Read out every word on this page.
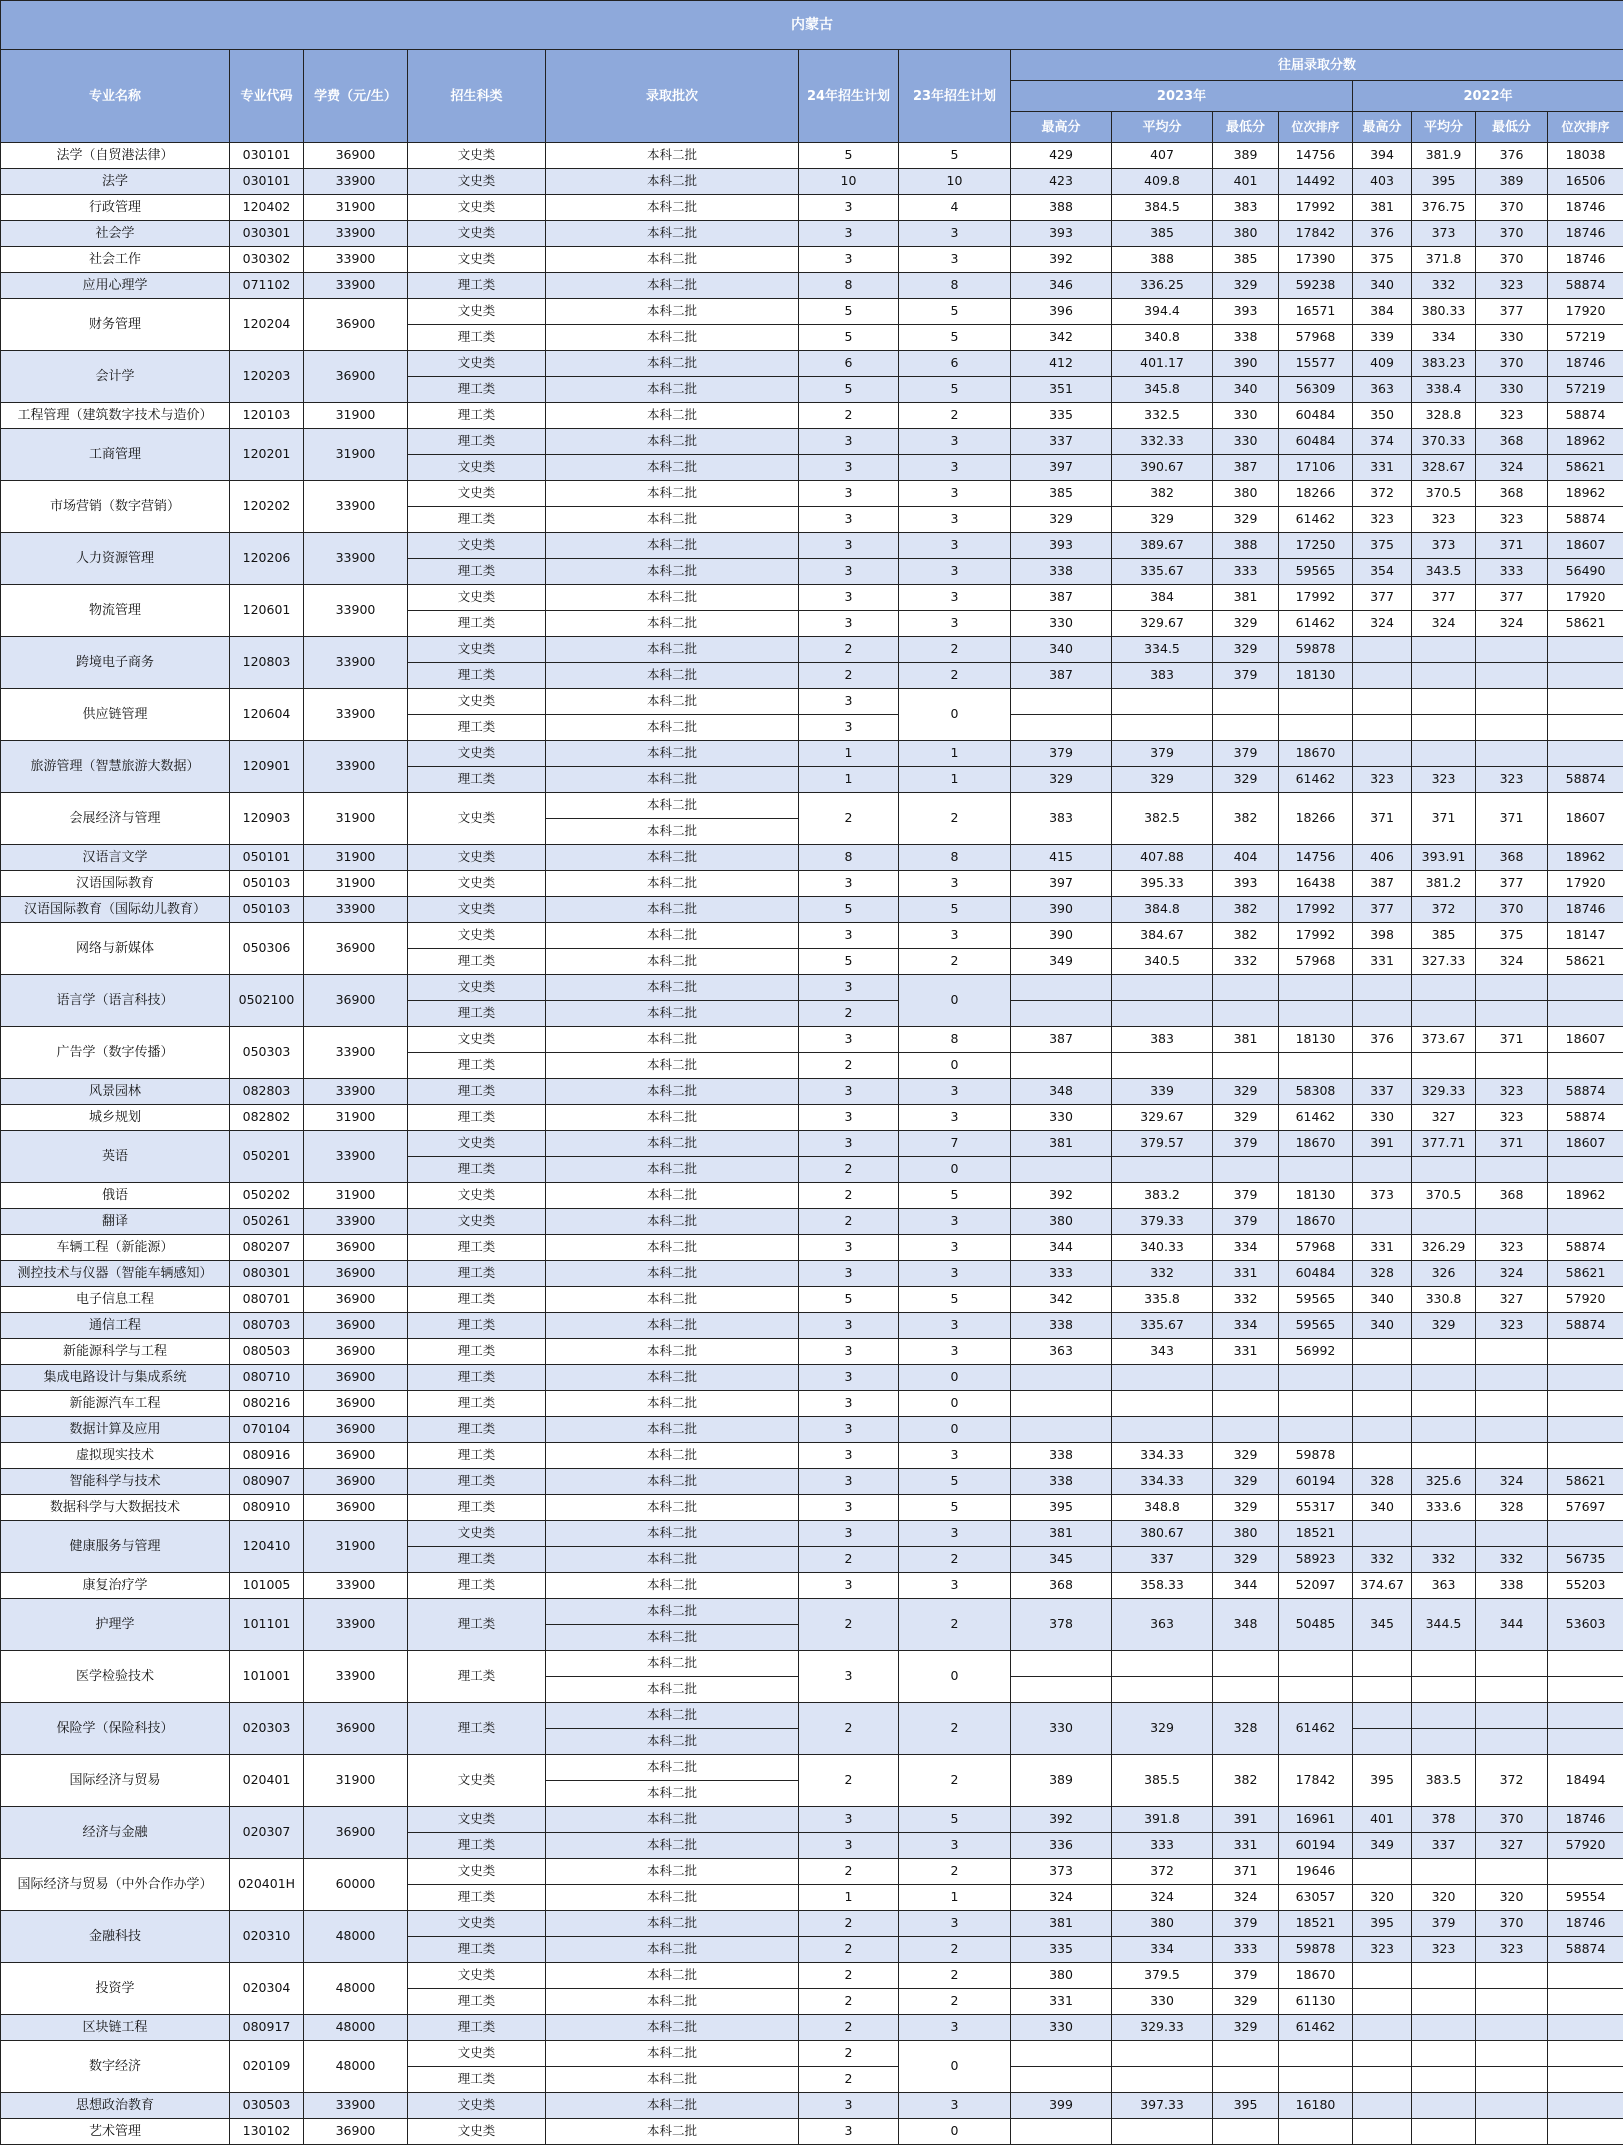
内蒙古														
专业名称	专业代码	学费（元/生）	招生科类	录取批次	24年招生计划	23年招生计划	往届录取分数							
							2023年				2022年			
							最高分	平均分	最低分	位次排序	最高分	平均分	最低分	位次排序
法学（自贸港法律）	030101	36900	文史类	本科二批	5	5	429	407	389	14756	394	381.9	376	18038
法学	030101	33900	文史类	本科二批	10	10	423	409.8	401	14492	403	395	389	16506
行政管理	120402	31900	文史类	本科二批	3	4	388	384.5	383	17992	381	376.75	370	18746
社会学	030301	33900	文史类	本科二批	3	3	393	385	380	17842	376	373	370	18746
社会工作	030302	33900	文史类	本科二批	3	3	392	388	385	17390	375	371.8	370	18746
应用心理学	071102	33900	理工类	本科二批	8	8	346	336.25	329	59238	340	332	323	58874
财务管理	120204	36900	文史类	本科二批	5	5	396	394.4	393	16571	384	380.33	377	17920
			理工类	本科二批	5	5	342	340.8	338	57968	339	334	330	57219
会计学	120203	36900	文史类	本科二批	6	6	412	401.17	390	15577	409	383.23	370	18746
			理工类	本科二批	5	5	351	345.8	340	56309	363	338.4	330	57219
工程管理（建筑数字技术与造价）	120103	31900	理工类	本科二批	2	2	335	332.5	330	60484	350	328.8	323	58874
工商管理	120201	31900	理工类	本科二批	3	3	337	332.33	330	60484	374	370.33	368	18962
			文史类	本科二批	3	3	397	390.67	387	17106	331	328.67	324	58621
市场营销（数字营销）	120202	33900	文史类	本科二批	3	3	385	382	380	18266	372	370.5	368	18962
			理工类	本科二批	3	3	329	329	329	61462	323	323	323	58874
人力资源管理	120206	33900	文史类	本科二批	3	3	393	389.67	388	17250	375	373	371	18607
			理工类	本科二批	3	3	338	335.67	333	59565	354	343.5	333	56490
物流管理	120601	33900	文史类	本科二批	3	3	387	384	381	17992	377	377	377	17920
			理工类	本科二批	3	3	330	329.67	329	61462	324	324	324	58621
跨境电子商务	120803	33900	文史类	本科二批	2	2	340	334.5	329	59878				
			理工类	本科二批	2	2	387	383	379	18130				
供应链管理	120604	33900	文史类	本科二批	3	0								
			理工类	本科二批	3									
旅游管理（智慧旅游大数据）	120901	33900	文史类	本科二批	1	1	379	379	379	18670				
			理工类	本科二批	1	1	329	329	329	61462	323	323	323	58874
会展经济与管理	120903	31900	文史类	本科二批	2	2	383	382.5	382	18266	371	371	371	18607
				本科二批										
汉语言文学	050101	31900	文史类	本科二批	8	8	415	407.88	404	14756	406	393.91	368	18962
汉语国际教育	050103	31900	文史类	本科二批	3	3	397	395.33	393	16438	387	381.2	377	17920
汉语国际教育（国际幼儿教育）	050103	33900	文史类	本科二批	5	5	390	384.8	382	17992	377	372	370	18746
网络与新媒体	050306	36900	文史类	本科二批	3	3	390	384.67	382	17992	398	385	375	18147
			理工类	本科二批	5	2	349	340.5	332	57968	331	327.33	324	58621
语言学（语言科技）	0502100	36900	文史类	本科二批	3	0								
			理工类	本科二批	2									
广告学（数字传播）	050303	33900	文史类	本科二批	3	8	387	383	381	18130	376	373.67	371	18607
			理工类	本科二批	2	0								
风景园林	082803	33900	理工类	本科二批	3	3	348	339	329	58308	337	329.33	323	58874
城乡规划	082802	31900	理工类	本科二批	3	3	330	329.67	329	61462	330	327	323	58874
英语	050201	33900	文史类	本科二批	3	7	381	379.57	379	18670	391	377.71	371	18607
			理工类	本科二批	2	0								
俄语	050202	31900	文史类	本科二批	2	5	392	383.2	379	18130	373	370.5	368	18962
翻译	050261	33900	文史类	本科二批	2	3	380	379.33	379	18670				
车辆工程（新能源）	080207	36900	理工类	本科二批	3	3	344	340.33	334	57968	331	326.29	323	58874
测控技术与仪器（智能车辆感知）	080301	36900	理工类	本科二批	3	3	333	332	331	60484	328	326	324	58621
电子信息工程	080701	36900	理工类	本科二批	5	5	342	335.8	332	59565	340	330.8	327	57920
通信工程	080703	36900	理工类	本科二批	3	3	338	335.67	334	59565	340	329	323	58874
新能源科学与工程	080503	36900	理工类	本科二批	3	3	363	343	331	56992				
集成电路设计与集成系统	080710	36900	理工类	本科二批	3	0								
新能源汽车工程	080216	36900	理工类	本科二批	3	0								
数据计算及应用	070104	36900	理工类	本科二批	3	0								
虚拟现实技术	080916	36900	理工类	本科二批	3	3	338	334.33	329	59878				
智能科学与技术	080907	36900	理工类	本科二批	3	5	338	334.33	329	60194	328	325.6	324	58621
数据科学与大数据技术	080910	36900	理工类	本科二批	3	5	395	348.8	329	55317	340	333.6	328	57697
健康服务与管理	120410	31900	文史类	本科二批	3	3	381	380.67	380	18521				
			理工类	本科二批	2	2	345	337	329	58923	332	332	332	56735
康复治疗学	101005	33900	理工类	本科二批	3	3	368	358.33	344	52097	374.67	363	338	55203
护理学	101101	33900	理工类	本科二批	2	2	378	363	348	50485	345	344.5	344	53603
				本科二批										
医学检验技术	101001	33900	理工类	本科二批	3	0								
				本科二批										
保险学（保险科技）	020303	36900	理工类	本科二批	2	2	330	329	328	61462				
				本科二批										
国际经济与贸易	020401	31900	文史类	本科二批	2	2	389	385.5	382	17842	395	383.5	372	18494
				本科二批										
经济与金融	020307	36900	文史类	本科二批	3	5	392	391.8	391	16961	401	378	370	18746
			理工类	本科二批	3	3	336	333	331	60194	349	337	327	57920
国际经济与贸易（中外合作办学）	020401H	60000	文史类	本科二批	2	2	373	372	371	19646				
			理工类	本科二批	1	1	324	324	324	63057	320	320	320	59554
金融科技	020310	48000	文史类	本科二批	2	3	381	380	379	18521	395	379	370	18746
			理工类	本科二批	2	2	335	334	333	59878	323	323	323	58874
投资学	020304	48000	文史类	本科二批	2	2	380	379.5	379	18670				
			理工类	本科二批	2	2	331	330	329	61130				
区块链工程	080917	48000	理工类	本科二批	2	3	330	329.33	329	61462				
数字经济	020109	48000	文史类	本科二批	2	0								
			理工类	本科二批	2									
思想政治教育	030503	33900	文史类	本科二批	3	3	399	397.33	395	16180				
艺术管理	130102	36900	文史类	本科二批	3	0								
